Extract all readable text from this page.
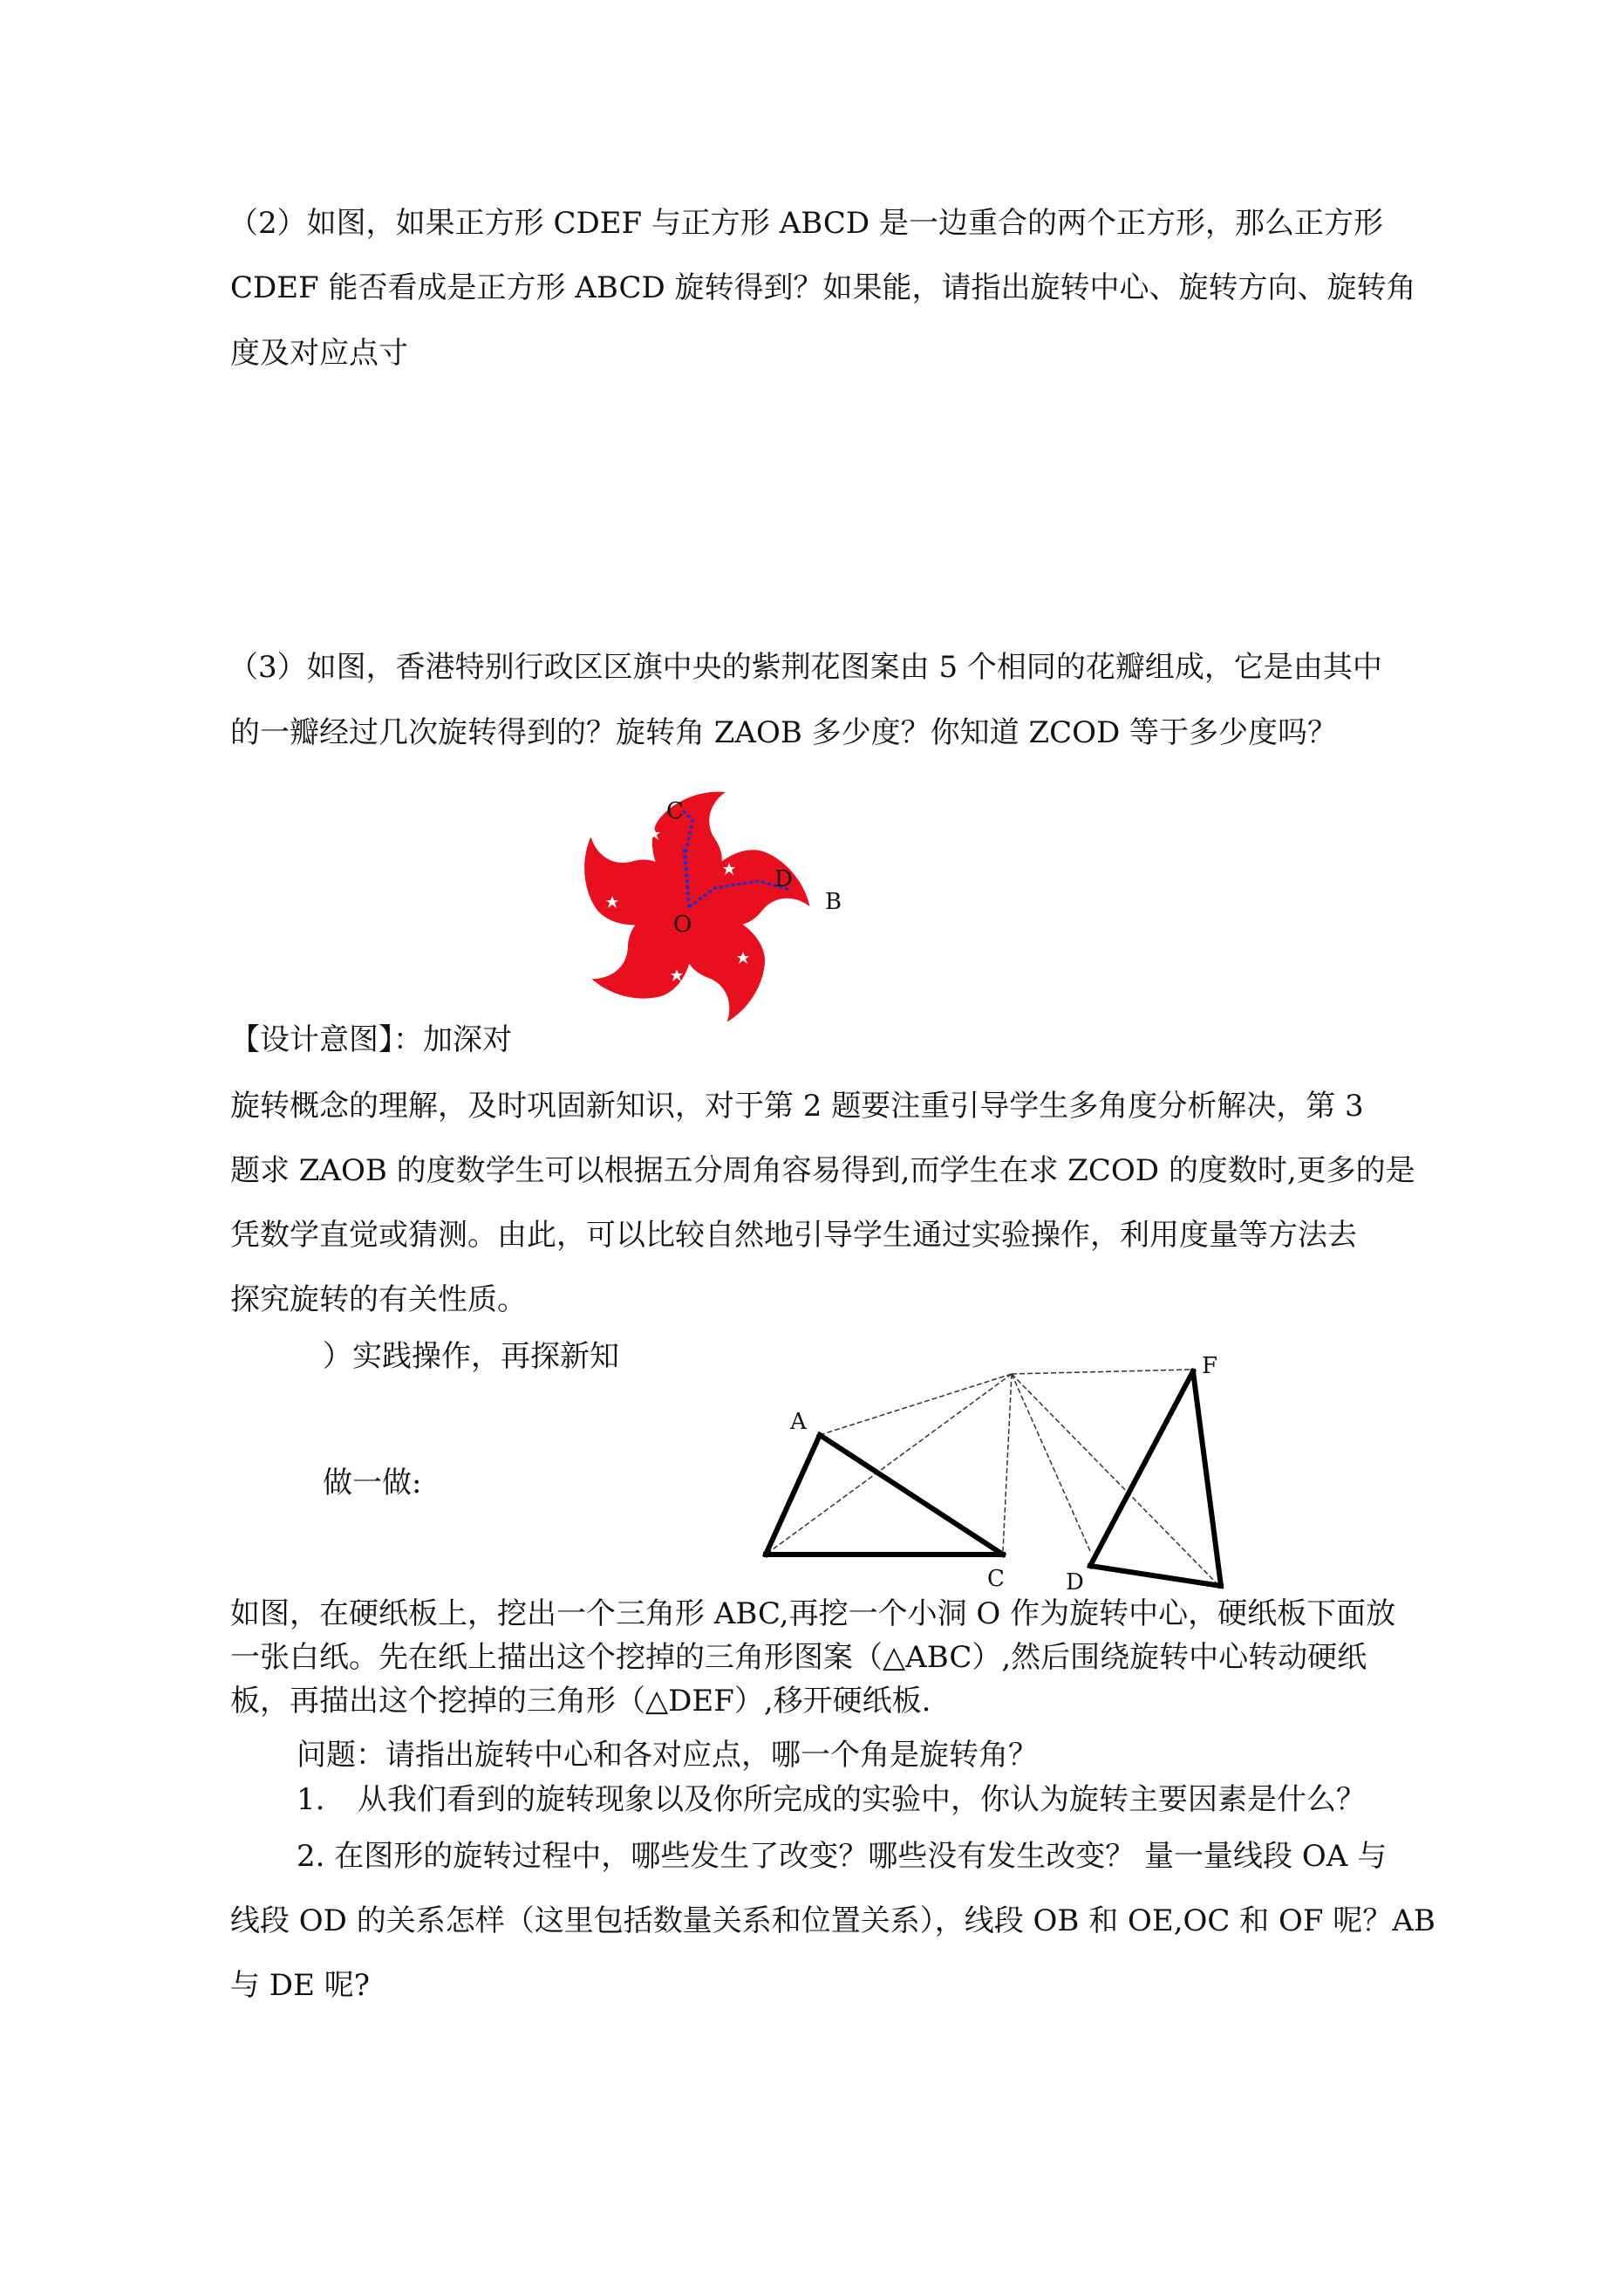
（2）如图，如果正方形 CDEF 与正方形 ABCD 是一边重合的两个正方形，那么正方形

CDEF 能否看成是正方形 ABCD 旋转得到？如果能，请指出旋转中心、旋转方向、旋转角

度及对应点寸

（3）如图，香港特别行政区区旗中央的紫荆花图案由 5 个相同的花瓣组成，它是由其中

的一瓣经过几次旋转得到的？旋转角 ZAOB 多少度？你知道 ZCOD 等于多少度吗？

C
D
B
O

【设计意图】：加深对

旋转概念的理解，及时巩固新知识，对于第 2 题要注重引导学生多角度分析解决，第 3

题求 ZAOB 的度数学生可以根据五分周角容易得到,而学生在求 ZCOD 的度数时,更多的是

凭数学直觉或猜测。由此，可以比较自然地引导学生通过实验操作，利用度量等方法去

探究旋转的有关性质。

）实践操作，再探新知

做一做:

A
C	D
F

如图，在硬纸板上，挖出一个三角形 ABC,再挖一个小洞 O 作为旋转中心，硬纸板下面放

一张白纸。先在纸上描出这个挖掉的三角形图案（△ABC）,然后围绕旋转中心转动硬纸

板，再描出这个挖掉的三角形（△DEF）,移开硬纸板.

问题：请指出旋转中心和各对应点，哪一个角是旋转角？

1. 从我们看到的旋转现象以及你所完成的实验中，你认为旋转主要因素是什么？

2. 在图形的旋转过程中，哪些发生了改变？哪些没有发生改变？ 量一量线段 OA 与

线段 OD 的关系怎样（这里包括数量关系和位置关系），线段 OB 和 OE,OC 和 OF 呢？AB

与 DE 呢?
